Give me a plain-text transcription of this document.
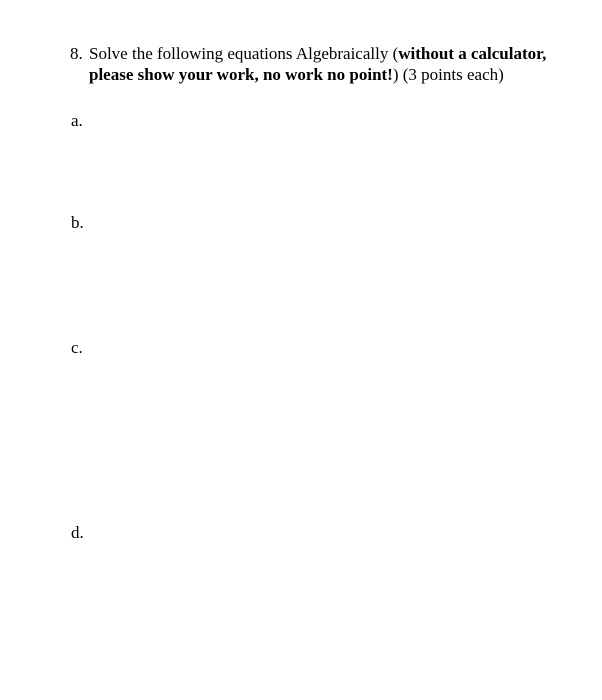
8. Solve the following equations Algebraically (without a calculator, please show your work, no work no point!) (3 points each)
a.
b.
c.
d.
